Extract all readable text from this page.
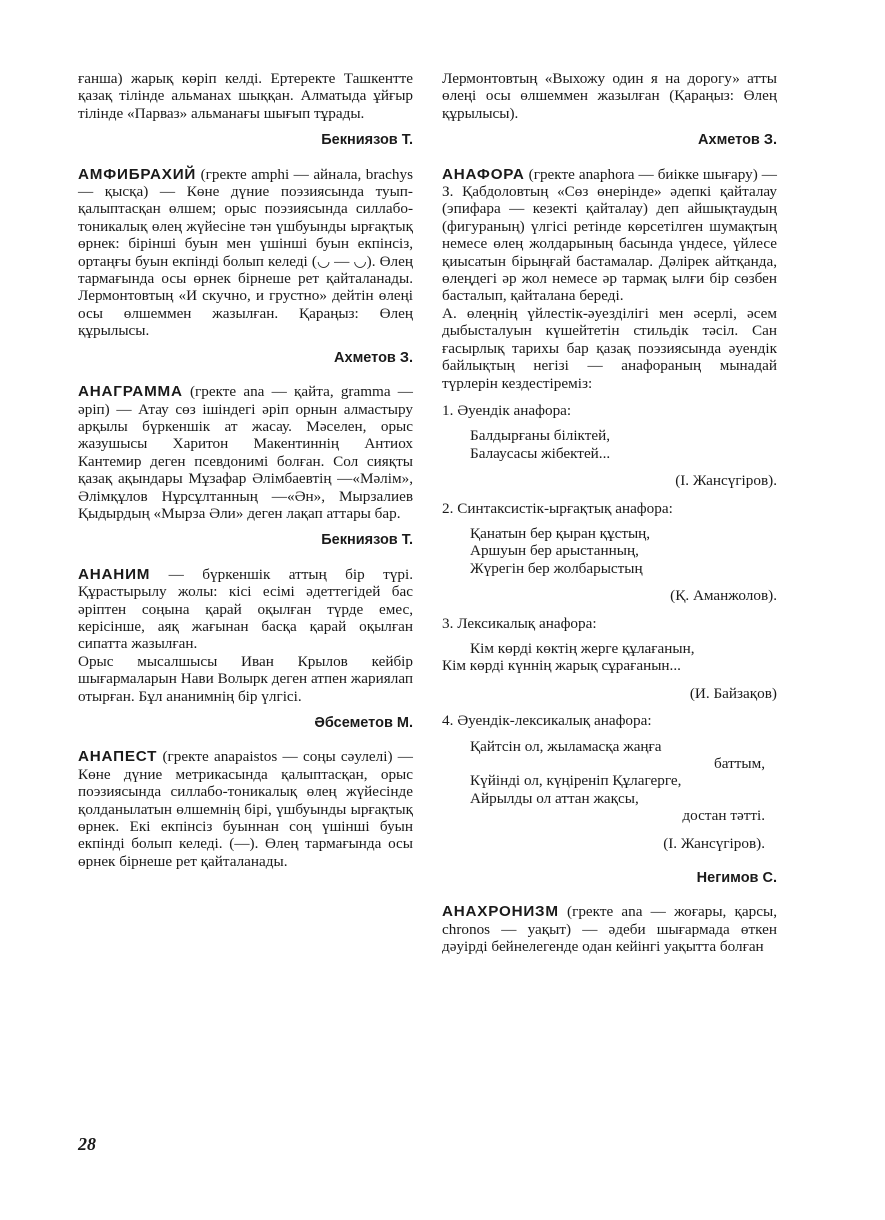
ғанша) жарық көріп келді. Ертеректе Ташкентте қазақ тілінде альманах шыққан. Алматыда ұйғыр тілінде «Парваз» альманағы шығып тұрады.

Бекниязов Т.

АМФИБРАХИЙ (гректе amphi — айнала, brachys — қысқа) — Көне дүние поэзиясында туып-қалыптасқан өлшем; орыс поэзиясында силлабо-тоникалық өлең жүйесіне тән үшбуынды ырғақтық өрнек: бірінші буын мен үшінші буын екпінсіз, ортаңғы буын екпінді болып келеді (◡ — ◡). Өлең тармағында осы өрнек бірнеше рет қайталанады. Лермонтовтың «И скучно, и грустно» дейтін өлеңі осы өлшеммен жазылған. Қараңыз: Өлең құрылысы.

Ахметов З.

АНАГРАММА (гректе ana — қайта, gramma — әріп) — Атау сөз ішіндегі әріп орнын алмастыру арқылы бүркеншік ат жасау. Мәселен, орыс жазушысы Харитон Макентиннің Антиох Кантемир деген псевдонимі болған. Сол сияқты қазақ ақындары Мұзафар Әлімбаевтің —«Мәлім», Әлімқұлов Нұрсұлтанның —«Ән», Мырзалиев Қыдырдың «Мырза Әли» деген лақап аттары бар.

Бекниязов Т.

АНАНИМ — бүркеншік аттың бір түрі. Құрастырылу жолы: кісі есімі әдеттегідей бас әріптен соңына қарай оқылған түрде емес, керісінше, аяқ жағынан басқа қарай оқылған сипатта жазылған.

Орыс мысалшысы Иван Крылов кейбір шығармаларын Нави Волырк деген атпен жариялап отырған. Бұл ананимнің бір үлгісі.

Әбсеметов М.

АНАПЕСТ (гректе anapaistos — соңы сәулелі) — Көне дүние метрикасында қалыптасқан, орыс поэзиясында силлабо-тоникалық өлең жүйесінде қолданылатын өлшемнің бірі, үшбуынды ырғақтық өрнек. Екі екпінсіз буыннан соң үшінші буын екпінді болып келеді. (—). Өлең тармағында осы өрнек бірнеше рет қайталанады.

Лермонтовтың «Выхожу один я на дорогу» атты өлеңі осы өлшеммен жазылған (Қараңыз: Өлең құрылысы).

Ахметов З.

АНАФОРА (гректе anaphora — биікке шығару) — З. Қабдоловтың «Сөз өнерінде» әдепкі қайталау (эпифара — кезекті қайталау) деп айшықтаудың (фигураның) үлгісі ретінде көрсетілген шумақтың немесе өлең жолдарының басында үндесе, үйлесе қиысатын бірыңғай бастамалар. Дәлірек айтқанда, өлеңдегі әр жол немесе әр тармақ ылғи бір сөзбен басталып, қайталана береді.

А. өлеңнің үйлестік-әуезділігі мен әсерлі, әсем дыбысталуын күшейтетін стильдік тәсіл. Сан ғасырлық тарихы бар қазақ поэзиясында әуендік байлықтың негізі — анафораның мынадай түрлерін кездестіреміз:

1. Әуендік анафора:
Балдырғаны біліктей,
Балаусасы жібектей...
(І. Жансүгіров).
2. Синтаксистік-ырғақтық анафора:
Қанатын бер қыран құстың,
Аршуын бер арыстанның,
Жүрегін бер жолбарыстың
(Қ. Аманжолов).
3. Лексикалық анафора:
Кім көрді көктің жерге құлағанын,
Кім көрді күннің жарық сұрағанын...
(И. Байзақов)
4. Әуендік-лексикалық анафора:
Қайтсін ол, жыламасқа жаңға
баттым,
Күйінді ол, күңіреніп Құлагерге,
Айрылды ол аттан жақсы,
достан тәтті.
(І. Жансүгіров).
Негимов С.

АНАХРОНИЗМ (гректе ana — жоғары, қарсы, chronos — уақыт) — әдеби шығармада өткен дәуірді бейнелегенде одан кейінгі уақытта болған

28
